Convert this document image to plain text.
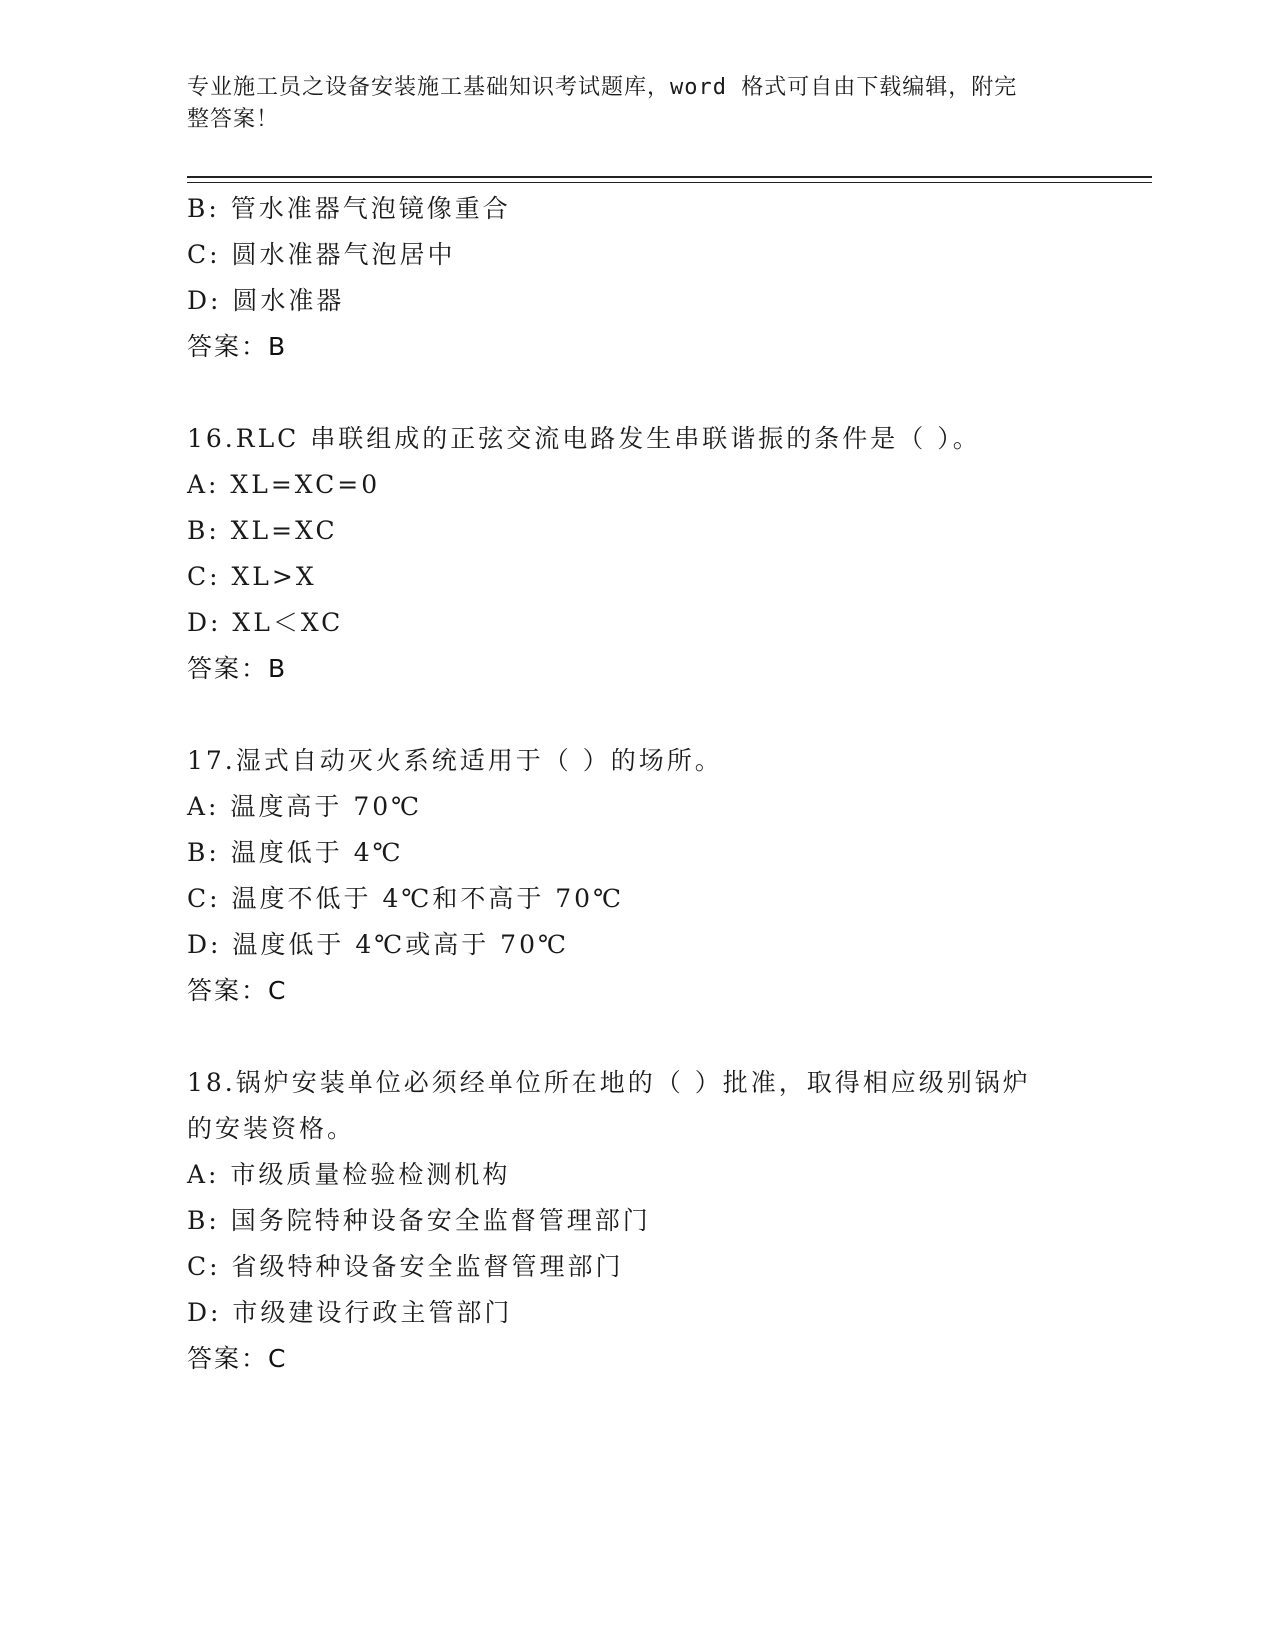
专业施工员之设备安装施工基础知识考试题库，word 格式可自由下载编辑，附完
整答案！
B: 管水准器气泡镜像重合
C: 圆水准器气泡居中
D: 圆水准器
答案：B
16.RLC 串联组成的正弦交流电路发生串联谐振的条件是（ ）。
A: XL=XC=0
B: XL=XC
C: XL>X
D: XL＜XC
答案：B
17.湿式自动灭火系统适用于（ ）的场所。
A: 温度高于 70℃
B: 温度低于 4℃
C: 温度不低于 4℃和不高于 70℃
D: 温度低于 4℃或高于 70℃
答案：C
18.锅炉安装单位必须经单位所在地的（ ）批准，取得相应级别锅炉
的安装资格。
A: 市级质量检验检测机构
B: 国务院特种设备安全监督管理部门
C: 省级特种设备安全监督管理部门
D: 市级建设行政主管部门
答案：C
